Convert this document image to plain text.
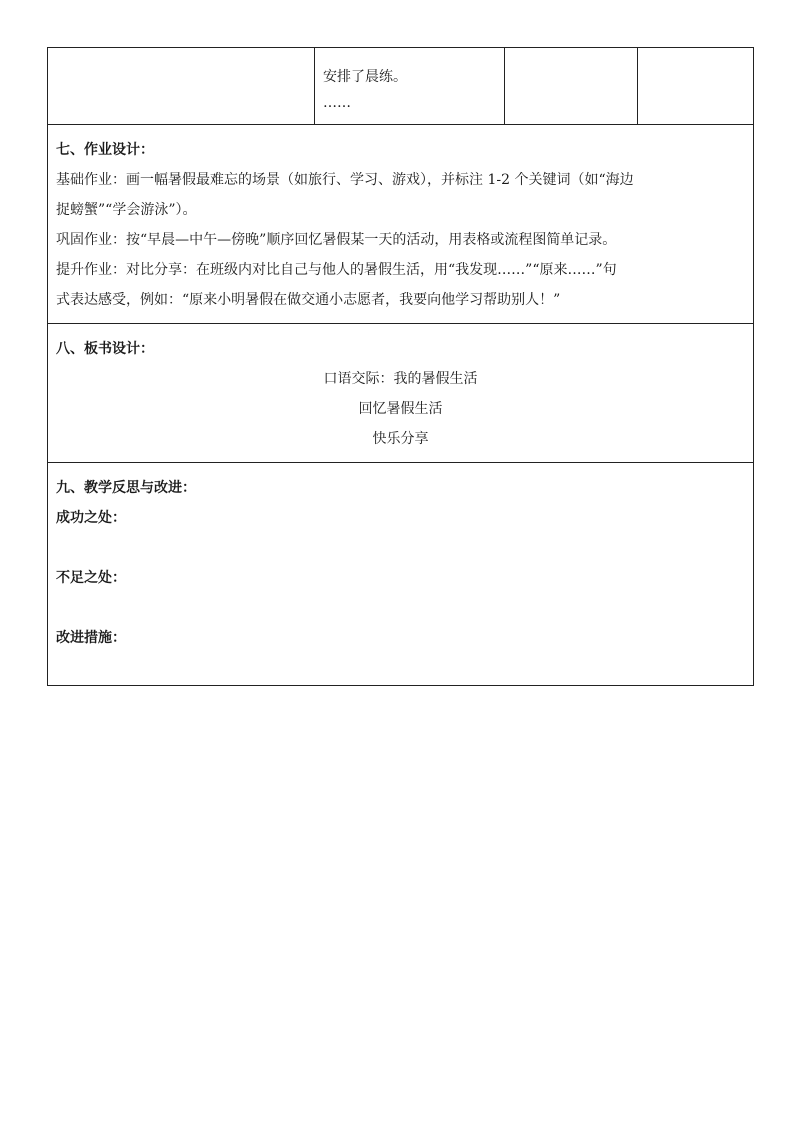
安排了晨练。
……

七、作业设计：
基础作业：画一幅暑假最难忘的场景（如旅行、学习、游戏），并标注 1-2 个关键词（如“海边
捉螃蟹”“学会游泳”）。
巩固作业：按“早晨—中午—傍晚”顺序回忆暑假某一天的活动，用表格或流程图简单记录。
提升作业：对比分享：在班级内对比自己与他人的暑假生活，用“我发现……”“原来……”句
式表达感受，例如：“原来小明暑假在做交通小志愿者，我要向他学习帮助别人！”

八、板书设计：
口语交际：我的暑假生活
回忆暑假生活
快乐分享

九、教学反思与改进：
成功之处：
不足之处：
改进措施：
